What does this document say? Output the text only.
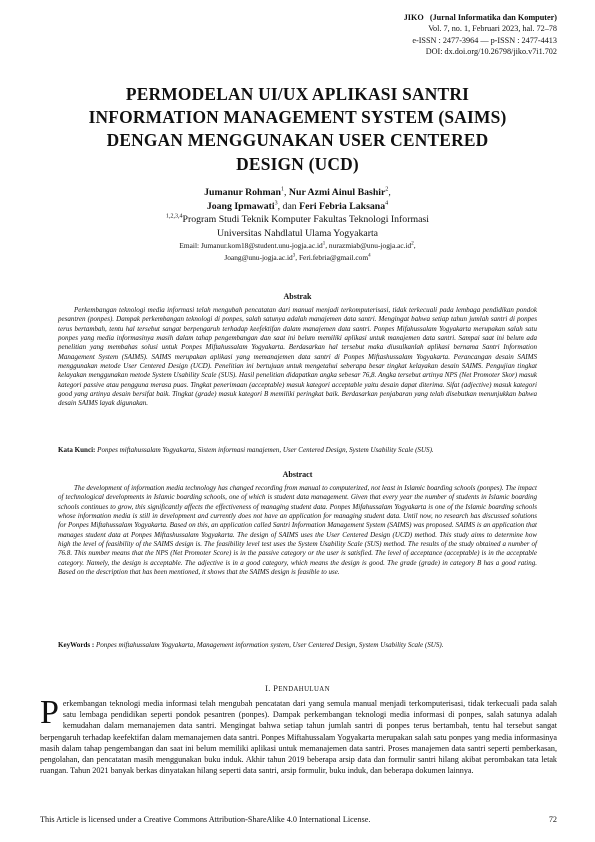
JIKO (Jurnal Informatika dan Komputer)
Vol. 7, no. 1, Februari 2023, hal. 72–78
e-ISSN : 2477-3964 — p-ISSN : 2477-4413
DOI: dx.doi.org/10.26798/jiko.v7i1.702
PERMODELAN UI/UX APLIKASI SANTRI
INFORMATION MANAGEMENT SYSTEM (SAIMS)
DENGAN MENGGUNAKAN USER CENTERED
DESIGN (UCD)
Jumanur Rohman$^1$, Nur Azmi Ainul Bashir$^2$,
Joang Ipmawati$^3$, dan Feri Febria Laksana$^4$
$^{1,2,3,4}$Program Studi Teknik Komputer Fakultas Teknologi Informasi
Universitas Nahdlatul Ulama Yogyakarta
Email: $Jumanur.kom18@student.unu-jogja.ac.id^1$, $nurazmiab@unu-jogja.ac.id^2$,
$Joang@unu-jogja.ac.id^3$, Feri.febria@gmail.com$^4$
Abstrak
Perkembangan teknologi media informasi telah mengubah pencatatan dari manual menjadi terkomputerisasi, tidak terkecuali pada lembaga pendidikan pondok pesantren (ponpes). Dampak perkembangan teknologi di ponpes, salah satunya adalah manajemen data santri. Mengingat bahwa setiap tahun jumlah santri di ponpes terus bertambah, tentu hal tersebut sangat berpengaruh terhadap keefektifan dalam manajemen data santri. Ponpes Mifahussalam Yogyakarta merupakan salah satu ponpes yang media informasinya masih dalam tahap pengembangan dan saat ini belum memiliki aplikasi untuk manajemen data santri. Sampai saat ini belum ada penelitian yang membahas solusi untuk Ponpes Miftahussalam Yogyakarta. Berdasarkan hal tersebut maka diusulkanlah aplikasi bernama Santri Information Management System (SAIMS). SAIMS merupakan aplikasi yang memanajemen data santri di Ponpes Miftashussalam Yogyakarta. Perancangan desain SAIMS menggunakan metode User Centered Design (UCD). Penelitian ini bertujuan untuk mengetahui seberapa besar tingkat kelayakan desain SAIMS. Pengujian tingkat kelayakan menggunakan metode System Usability Scale (SUS). Hasil penelitian didapatkan angka sebesar 76,8. Angka tersebut artinya NPS (Net Promoter Skor) masuk kategori passive atau pengguna merasa puas. Tingkat penerimaan (acceptable) masuk kategori acceptable yaitu desain dapat diterima. Sifat (adjective) masuk kategori good yang artinya desain bersifat baik. Tingkat (grade) masuk kategori B memiliki peringkat baik. Berdasarkan penjabaran yang telah disebutkan menunjukkan bahwa desain SAIMS layak digunakan.
Kata Kunci: Ponpes miftahussalam Yogyakarta, Sistem informasi manajemen, User Centered Design, System Usability Scale (SUS).
Abstract
The development of information media technology has changed recording from manual to computerized, not least in Islamic boarding schools (ponpes). The impact of technological developments in Islamic boarding schools, one of which is student data management. Given that every year the number of students in Islamic boarding schools continues to grow, this significantly affects the effectiveness of managing student data. Ponpes Mifahussalam Yogyakarta is one of the Islamic boarding schools whose information media is still in development and currently does not have an application for managing student data. Until now, no research has discussed solutions for Ponpes Miftahussalam Yogyakarta. Based on this, an application called Santri Information Management System (SAIMS) was proposed. SAIMS is an application that manages student data at Ponpes Miftashussalam Yogyakarta. The design of SAIMS uses the User Centered Design (UCD) method. This study aims to determine how high the level of feasibility of the SAIMS design is. The feasibility level test uses the System Usability Scale (SUS) method. The results of the study obtained a number of 76.8. This number means that the NPS (Net Promoter Score) is in the passive category or the user is satisfied. The level of acceptance (acceptable) is in the acceptable category. Namely, the design is acceptable. The adjective is in a good category, which means the design is good. The grade (grade) in category B has a good rating. Based on the description that has been mentioned, it shows that the SAIMS design is feasible to use.
KeyWords : Ponpes miftahussalam Yogyakarta, Management information system, User Centered Design, System Usability Scale (SUS).
I. PENDAHULUAN
Perkembangan teknologi media informasi telah mengubah pencatatan dari yang semula manual menjadi terkomputerisasi, tidak terkecuali pada salah satu lembaga pendidikan seperti pondok pesantren (ponpes). Dampak perkembangan teknologi media informasi di ponpes, salah satunya adalah kemudahan dalam memanajemen data santri. Mengingat bahwa setiap tahun jumlah santri di ponpes terus bertambah, tentu hal tersebut sangat berpengaruh terhadap keefektifan dalam memanajemen data santri. Ponpes Miftahussalam Yogyakarta merupakan salah satu ponpes yang media informasinya masih dalam tahap pengembangan dan saat ini belum memiliki aplikasi untuk memanajemen data santri. Proses manajemen data santri seperti pemberkasan, pengolahan, dan pencatatan masih menggunakan buku induk. Akhir tahun 2019 beberapa arsip data dan formulir santri hilang akibat perombakan tata letak ruangan. Tahun 2021 banyak berkas dinyatakan hilang seperti data santri, arsip formulir, buku induk, dan beberapa dokumen lainnya.
This Article is licensed under a Creative Commons Attribution-ShareAlike 4.0 International License.	72
